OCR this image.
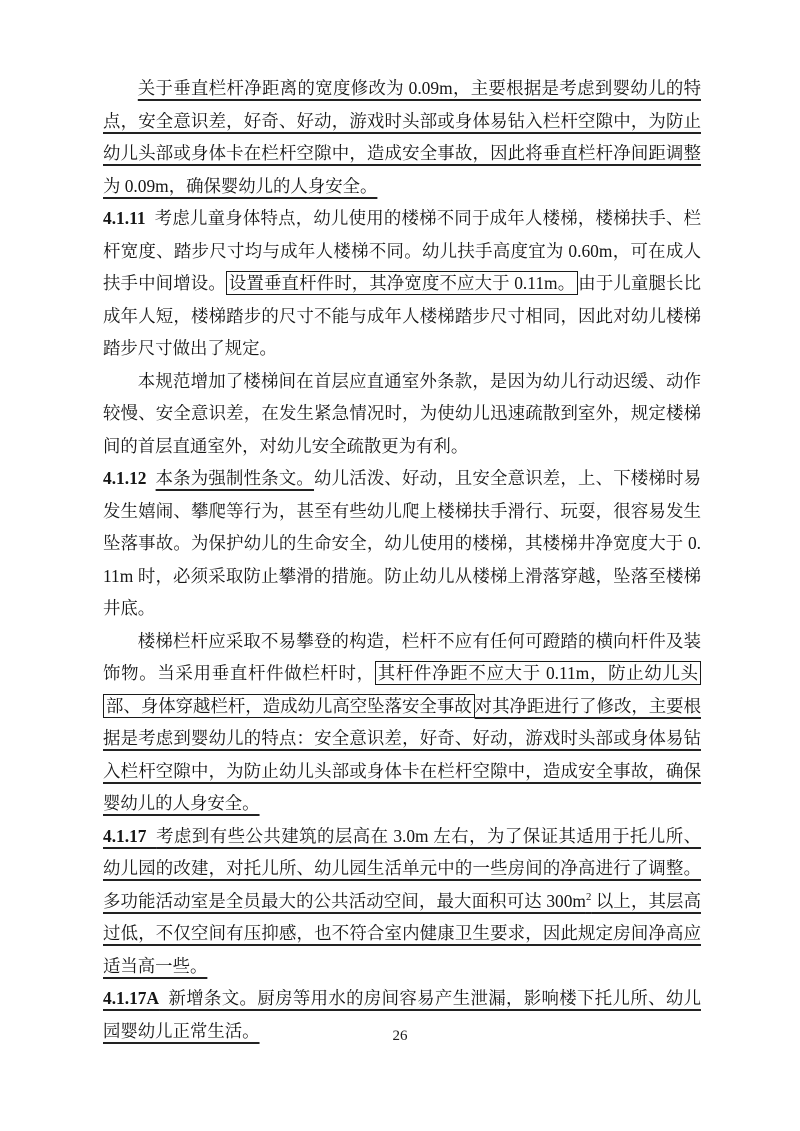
关于垂直栏杆净距离的宽度修改为 0.09m，主要根据是考虑到婴幼儿的特点，安全意识差，好奇、好动，游戏时头部或身体易钻入栏杆空隙中，为防止幼儿头部或身体卡在栏杆空隙中，造成安全事故，因此将垂直栏杆净间距调整为 0.09m，确保婴幼儿的人身安全。

4.1.11 考虑儿童身体特点，幼儿使用的楼梯不同于成年人楼梯，楼梯扶手、栏杆宽度、踏步尺寸均与成年人楼梯不同。幼儿扶手高度宜为 0.60m，可在成人扶手中间增设。 设置垂直杆件时，其净宽度不应大于 0.11m。 由于儿童腿长比成年人短，楼梯踏步的尺寸不能与成年人楼梯踏步尺寸相同，因此对幼儿楼梯踏步尺寸做出了规定。

本规范增加了楼梯间在首层应直通室外条款，是因为幼儿行动迟缓、动作较慢、安全意识差，在发生紧急情况时，为使幼儿迅速疏散到室外，规定楼梯间的首层直通室外，对幼儿安全疏散更为有利。

4.1.12 本条为强制性条文。幼儿活泼、好动，且安全意识差，上、下楼梯时易发生嬉闹、攀爬等行为，甚至有些幼儿爬上楼梯扶手滑行、玩耍，很容易发生坠落事故。为保护幼儿的生命安全，幼儿使用的楼梯，其楼梯井净宽度大于 0.11m 时，必须采取防止攀滑的措施。防止幼儿从楼梯上滑落穿越，坠落至楼梯井底。

楼梯栏杆应采取不易攀登的构造，栏杆不应有任何可蹬踏的横向杆件及装饰物。当采用垂直杆件做栏杆时， 其杆件净距不应大于 0.11m，防止幼儿头部、身体穿越栏杆，造成幼儿高空坠落安全事故 对其净距进行了修改，主要根据是考虑到婴幼儿的特点：安全意识差，好奇、好动，游戏时头部或身体易钻入栏杆空隙中，为防止幼儿头部或身体卡在栏杆空隙中，造成安全事故，确保婴幼儿的人身安全。

4.1.17 考虑到有些公共建筑的层高在 3.0m 左右，为了保证其适用于托儿所、幼儿园的改建，对托儿所、幼儿园生活单元中的一些房间的净高进行了调整。多功能活动室是全员最大的公共活动空间，最大面积可达 $300m^2$ 以上，其层高过低，不仅空间有压抑感，也不符合室内健康卫生要求，因此规定房间净高应适当高一些。

4.1.17A 新增条文。厨房等用水的房间容易产生泄漏，影响楼下托儿所、幼儿园婴幼儿正常生活。	26
